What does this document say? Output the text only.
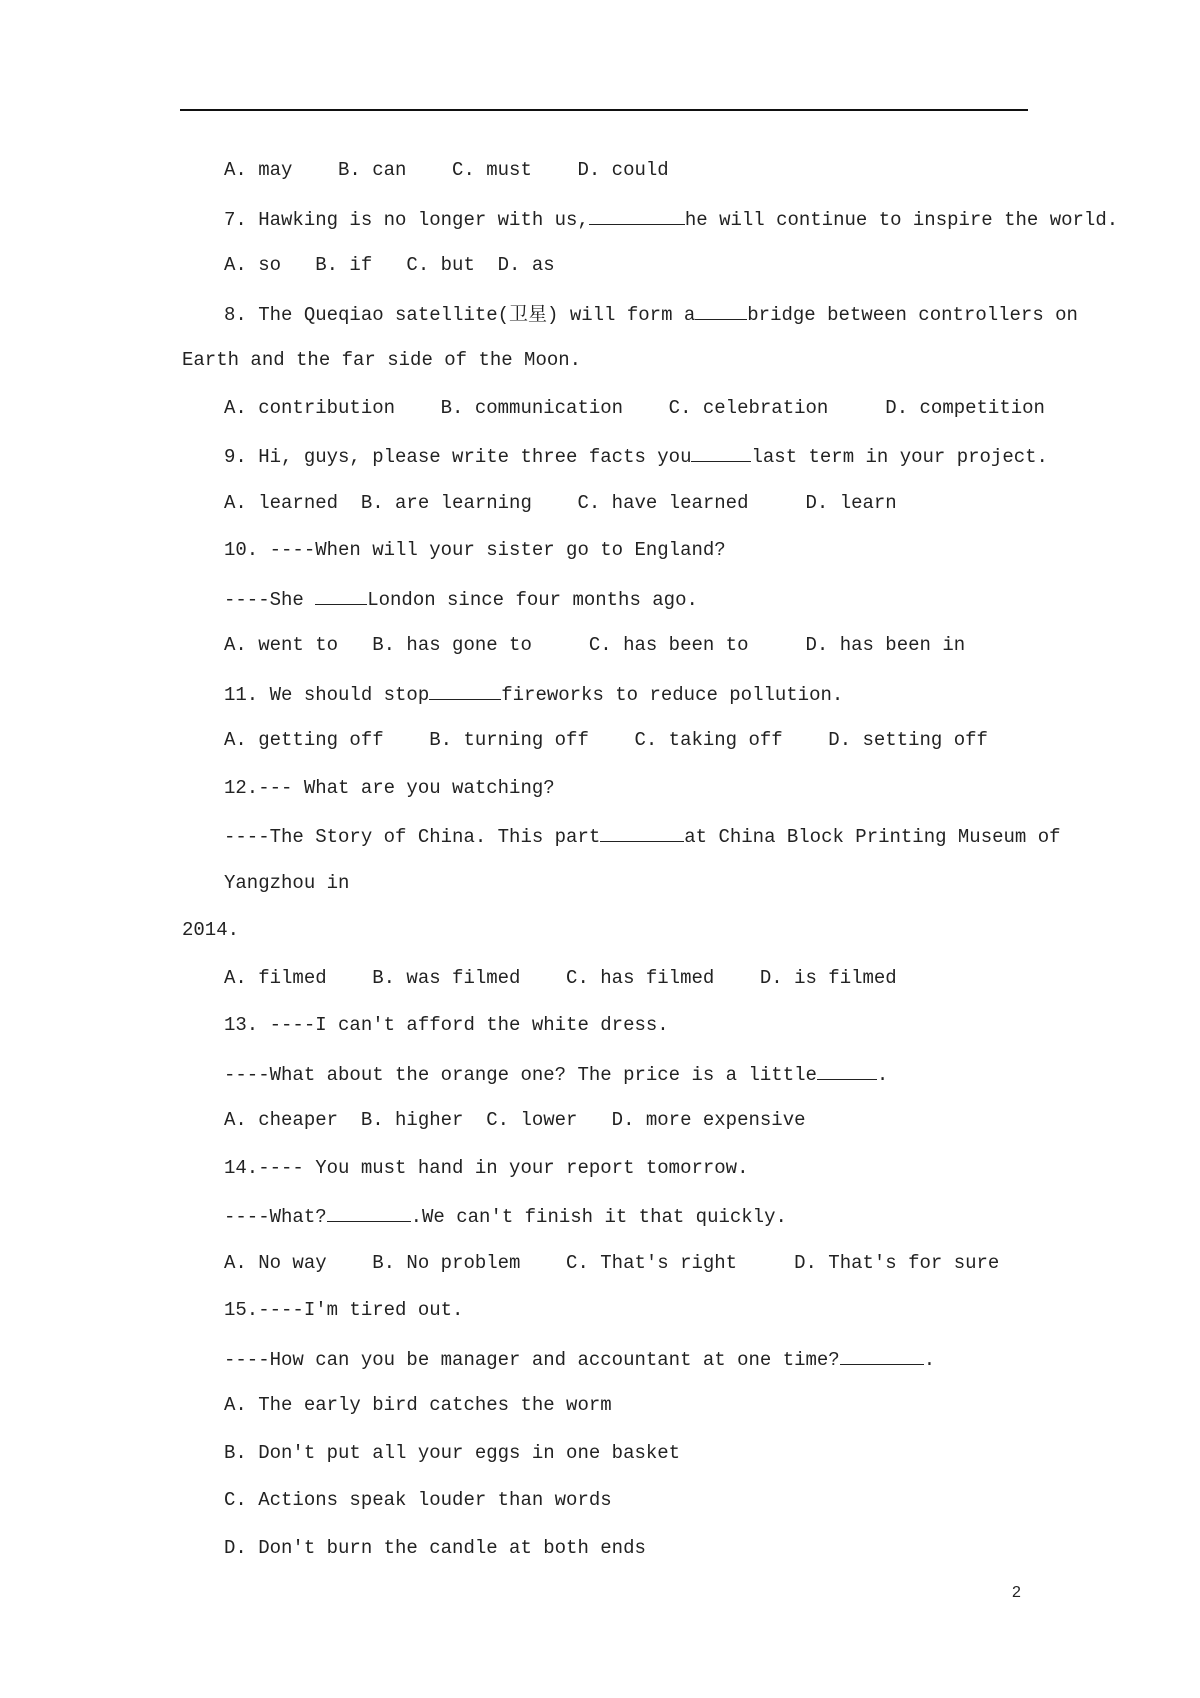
A. may    B. can    C. must    D. could
7. Hawking is no longer with us,	he will continue to inspire the world.
A. so   B. if   C. but  D. as
8. The Queqiao satellite(卫星) will form a	bridge between controllers on
Earth and the far side of the Moon.
A. contribution    B. communication    C. celebration     D. competition
9. Hi, guys, please write three facts you	last term in your project.
A. learned  B. are learning    C. have learned     D. learn
10. ----When will your sister go to England?
----She	London since four months ago.
A. went to   B. has gone to     C. has been to     D. has been in
11. We should stop	fireworks to reduce pollution.
A. getting off    B. turning off    C. taking off    D. setting off
12.--- What are you watching?
----The Story of China. This part	at China Block Printing Museum of
Yangzhou in
2014.
A. filmed    B. was filmed    C. has filmed    D. is filmed
13. ----I can't afford the white dress.
----What about the orange one? The price is a little	.
A. cheaper  B. higher  C. lower   D. more expensive
14.---- You must hand in your report tomorrow.
----What?	.We can't finish it that quickly.
A. No way    B. No problem    C. That's right     D. That's for sure
15.----I'm tired out.
----How can you be manager and accountant at one time?	.
A. The early bird catches the worm
B. Don't put all your eggs in one basket
C. Actions speak louder than words
D. Don't burn the candle at both ends
2
